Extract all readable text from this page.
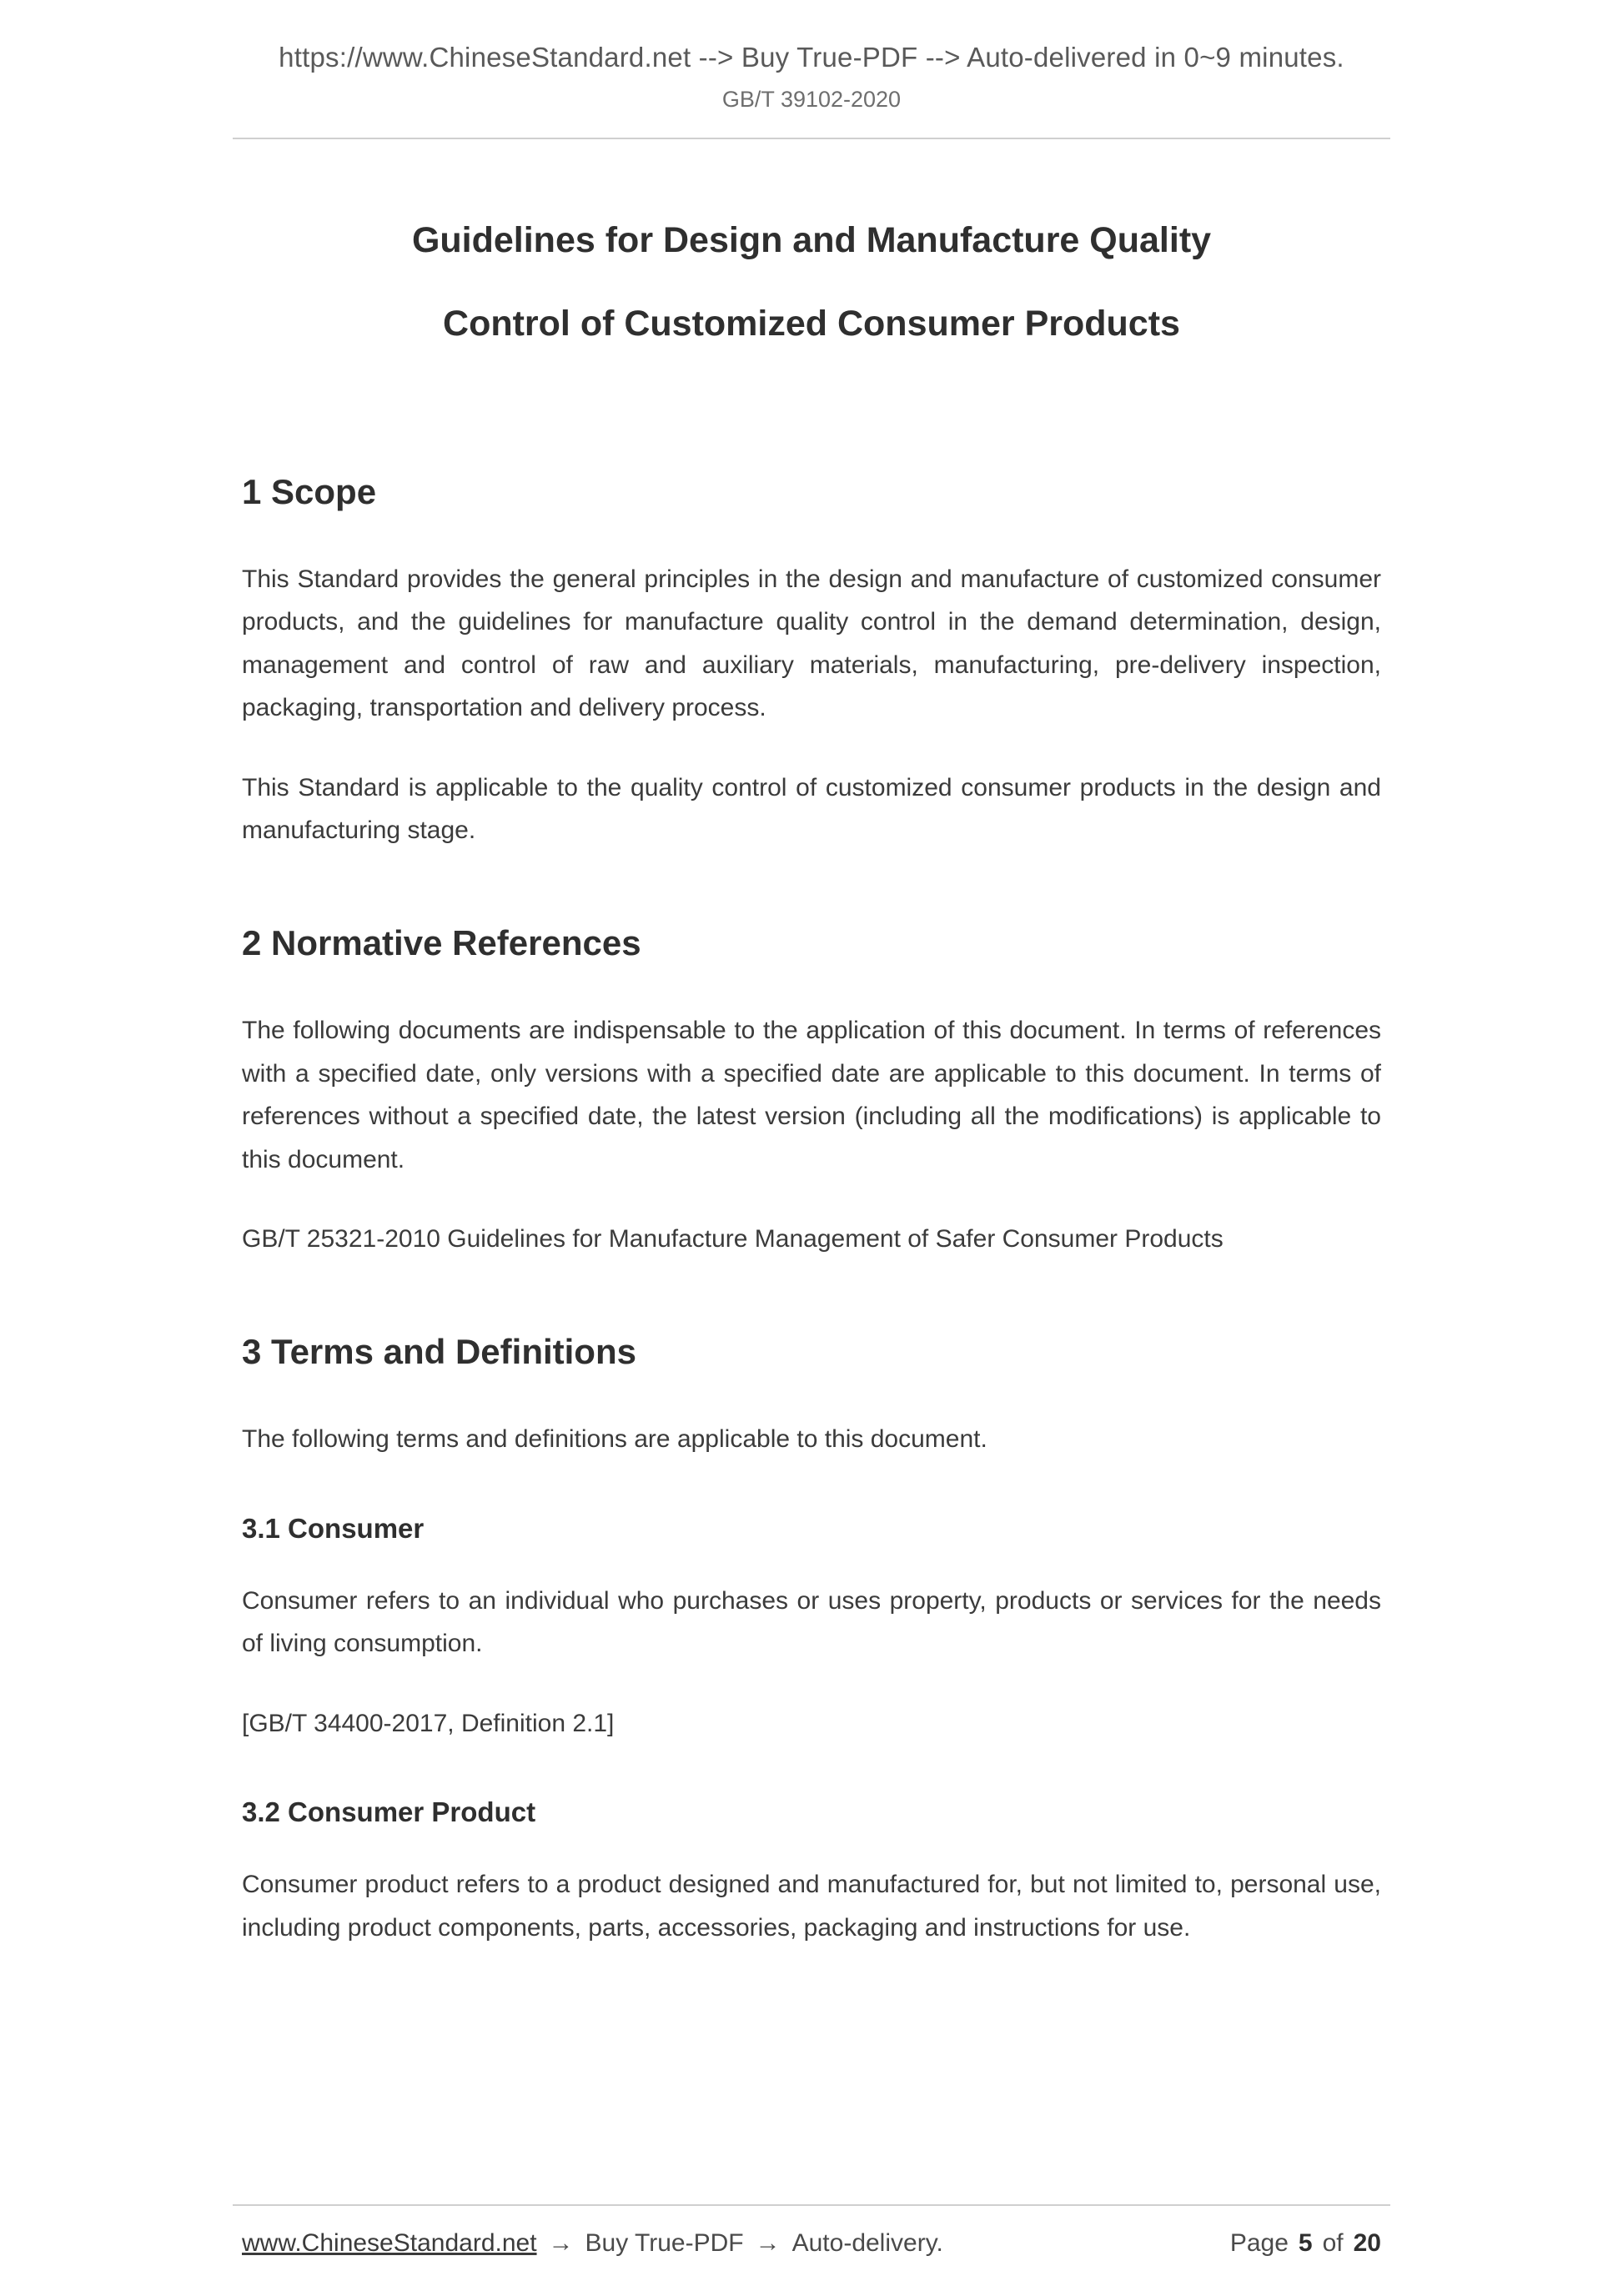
https://www.ChineseStandard.net --> Buy True-PDF --> Auto-delivered in 0~9 minutes.
GB/T 39102-2020
Guidelines for Design and Manufacture Quality
Control of Customized Consumer Products
1 Scope

This Standard provides the general principles in the design and manufacture of customized consumer products, and the guidelines for manufacture quality control in the demand determination, design, management and control of raw and auxiliary materials, manufacturing, pre-delivery inspection, packaging, transportation and delivery process.

This Standard is applicable to the quality control of customized consumer products in the design and manufacturing stage.

2 Normative References

The following documents are indispensable to the application of this document. In terms of references with a specified date, only versions with a specified date are applicable to this document. In terms of references without a specified date, the latest version (including all the modifications) is applicable to this document.

GB/T 25321-2010 Guidelines for Manufacture Management of Safer Consumer Products

3 Terms and Definitions

The following terms and definitions are applicable to this document.

3.1 Consumer

Consumer refers to an individual who purchases or uses property, products or services for the needs of living consumption.

[GB/T 34400-2017, Definition 2.1]

3.2 Consumer Product

Consumer product refers to a product designed and manufactured for, but not limited to, personal use, including product components, parts, accessories, packaging and instructions for use.

www.ChineseStandard.net → Buy True-PDF → Auto-delivery.	Page 5 of 20
